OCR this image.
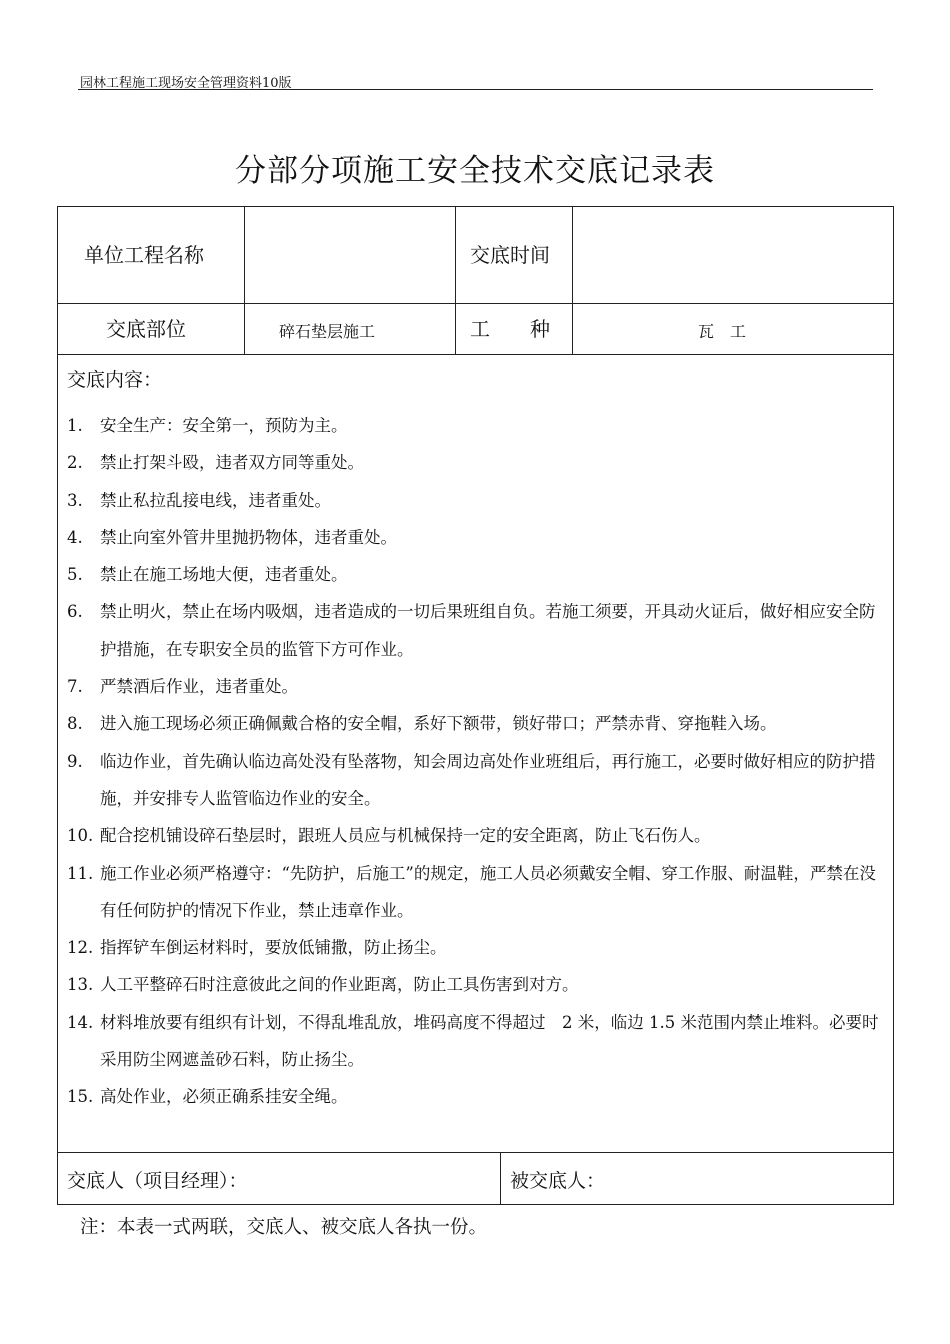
园林工程施工现场安全管理资料10版
分部分项施工安全技术交底记录表
单位工程名称	交底时间
交底部位	碎石垫层施工	工　　种	瓦　工
交底内容：
1. 安全生产：安全第一，预防为主。
2. 禁止打架斗殴，违者双方同等重处。
3. 禁止私拉乱接电线，违者重处。
4. 禁止向室外管井里抛扔物体，违者重处。
5. 禁止在施工场地大便，违者重处。
6. 禁止明火，禁止在场内吸烟，违者造成的一切后果班组自负。若施工须要，开具动火证后，做好相应安全防护措施，在专职安全员的监管下方可作业。
7. 严禁酒后作业，违者重处。
8. 进入施工现场必须正确佩戴合格的安全帽，系好下额带，锁好带口；严禁赤背、穿拖鞋入场。
9. 临边作业，首先确认临边高处没有坠落物，知会周边高处作业班组后，再行施工，必要时做好相应的防护措施，并安排专人监管临边作业的安全。
10. 配合挖机铺设碎石垫层时，跟班人员应与机械保持一定的安全距离，防止飞石伤人。
11. 施工作业必须严格遵守：“先防护，后施工”的规定，施工人员必须戴安全帽、穿工作服、耐温鞋，严禁在没有任何防护的情况下作业，禁止违章作业。
12. 指挥铲车倒运材料时，要放低铺撒，防止扬尘。
13. 人工平整碎石时注意彼此之间的作业距离，防止工具伤害到对方。
14. 材料堆放要有组织有计划，不得乱堆乱放，堆码高度不得超过　2 米，临边 1.5 米范围内禁止堆料。必要时采用防尘网遮盖砂石料，防止扬尘。
15. 高处作业，必须正确系挂安全绳。
交底人（项目经理）：	被交底人：
注：本表一式两联，交底人、被交底人各执一份。
